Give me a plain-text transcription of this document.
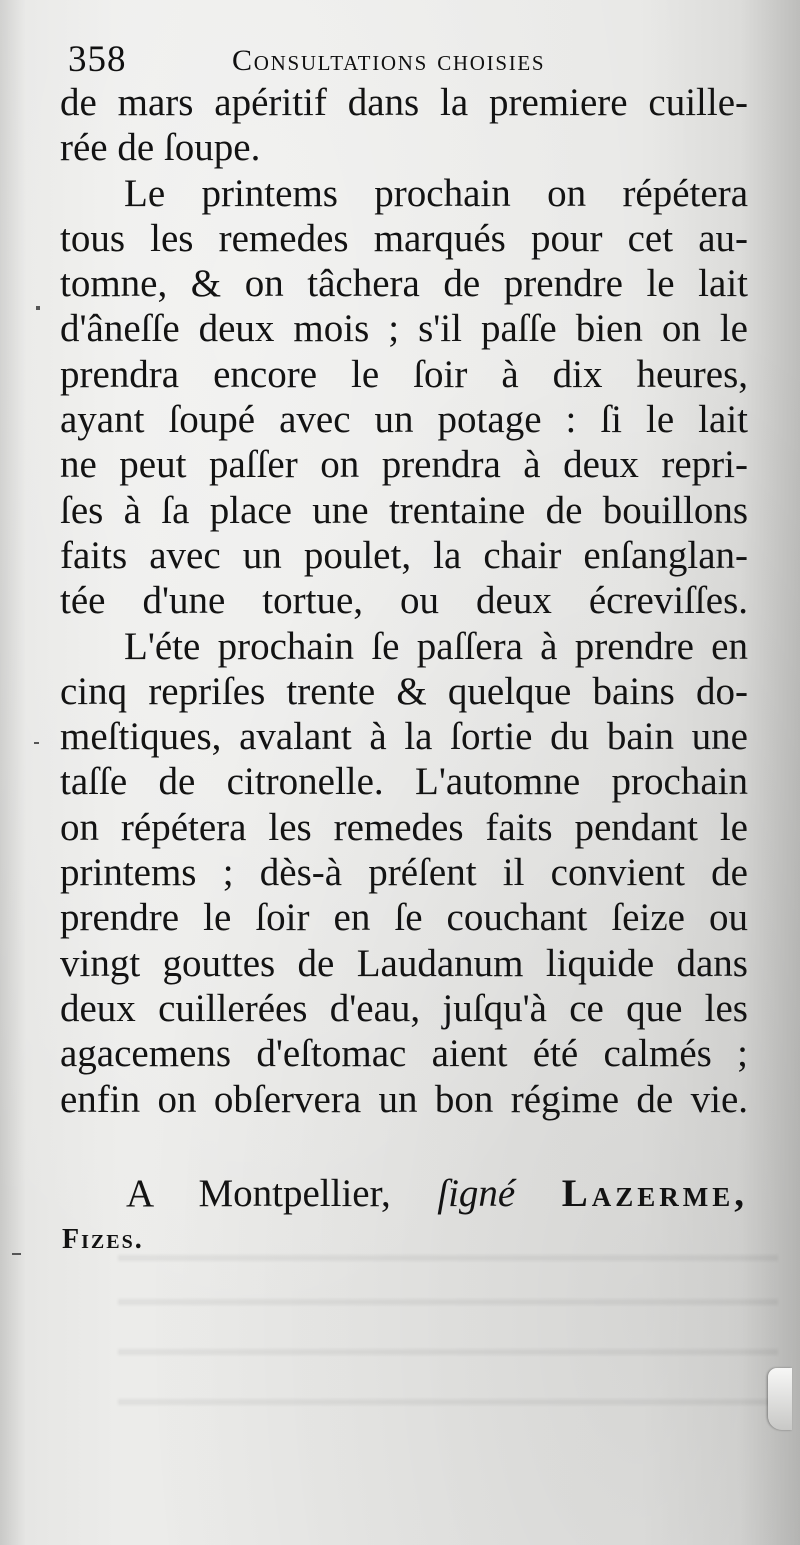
358	Consultations choisies
de mars apéritif dans la premiere cuille-
rée de ſoupe.
Le printems prochain on répétera
tous les remedes marqués pour cet au-
tomne, & on tâchera de prendre le lait
d'âneſſe deux mois ; s'il paſſe bien on le
prendra encore le ſoir à dix heures,
ayant ſoupé avec un potage : ſi le lait
ne peut paſſer on prendra à deux repri-
ſes à ſa place une trentaine de bouillons
faits avec un poulet, la chair enſanglan-
tée d'une tortue, ou deux écreviſſes.
L'éte prochain ſe paſſera à prendre en
cinq repriſes trente & quelque bains do-
meſtiques, avalant à la ſortie du bain une
taſſe de citronelle. L'automne prochain
on répétera les remedes faits pendant le
printems ; dès-à préſent il convient de
prendre le ſoir en ſe couchant ſeize ou
vingt gouttes de Laudanum liquide dans
deux cuillerées d'eau, juſqu'à ce que les
agacemens d'eſtomac aient été calmés ;
enfin on obſervera un bon régime de vie.
A Montpellier, ſigné Lazerme,
Fizes.
